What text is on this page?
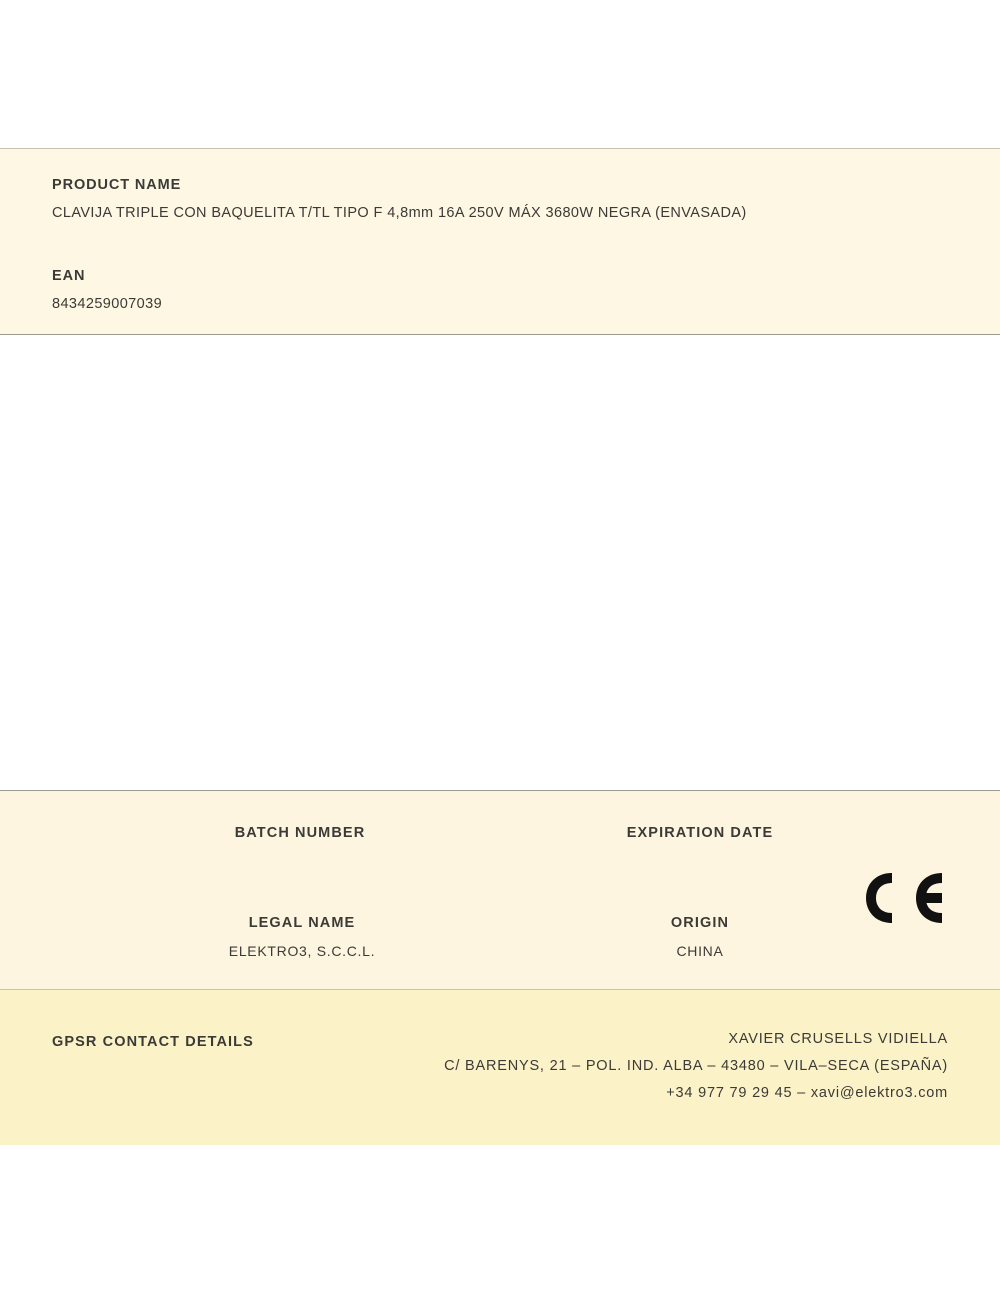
PRODUCT NAME
CLAVIJA TRIPLE CON BAQUELITA T/TL TIPO F 4,8mm 16A 250V MÁX 3680W NEGRA (ENVASADA)
EAN
8434259007039
BATCH NUMBER	EXPIRATION DATE
LEGAL NAME
ELEKTRO3, S.C.C.L.
ORIGIN
CHINA
GPSR CONTACT DETAILS	XAVIER CRUSELLS VIDIELLA
C/ BARENYS, 21 – POL. IND. ALBA – 43480 – VILA–SECA (ESPAÑA)
+34 977 79 29 45 – xavi@elektro3.com
